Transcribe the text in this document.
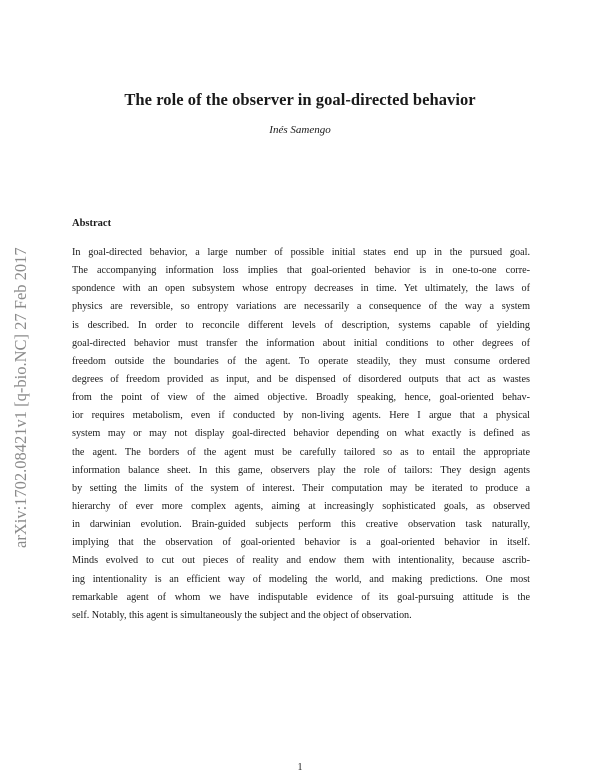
arXiv:1702.08421v1 [q-bio.NC] 27 Feb 2017
The role of the observer in goal-directed behavior
Inés Samengo
Abstract
In goal-directed behavior, a large number of possible initial states end up in the pursued goal.
The accompanying information loss implies that goal-oriented behavior is in one-to-one corre-
spondence with an open subsystem whose entropy decreases in time. Yet ultimately, the laws of
physics are reversible, so entropy variations are necessarily a consequence of the way a system
is described. In order to reconcile different levels of description, systems capable of yielding
goal-directed behavior must transfer the information about initial conditions to other degrees of
freedom outside the boundaries of the agent. To operate steadily, they must consume ordered
degrees of freedom provided as input, and be dispensed of disordered outputs that act as wastes
from the point of view of the aimed objective. Broadly speaking, hence, goal-oriented behav-
ior requires metabolism, even if conducted by non-living agents. Here I argue that a physical
system may or may not display goal-directed behavior depending on what exactly is defined as
the agent. The borders of the agent must be carefully tailored so as to entail the appropriate
information balance sheet. In this game, observers play the role of tailors: They design agents
by setting the limits of the system of interest. Their computation may be iterated to produce a
hierarchy of ever more complex agents, aiming at increasingly sophisticated goals, as observed
in darwinian evolution. Brain-guided subjects perform this creative observation task naturally,
implying that the observation of goal-oriented behavior is a goal-oriented behavior in itself.
Minds evolved to cut out pieces of reality and endow them with intentionality, because ascrib-
ing intentionality is an efficient way of modeling the world, and making predictions. One most
remarkable agent of whom we have indisputable evidence of its goal-pursuing attitude is the
self. Notably, this agent is simultaneously the subject and the object of observation.
1
